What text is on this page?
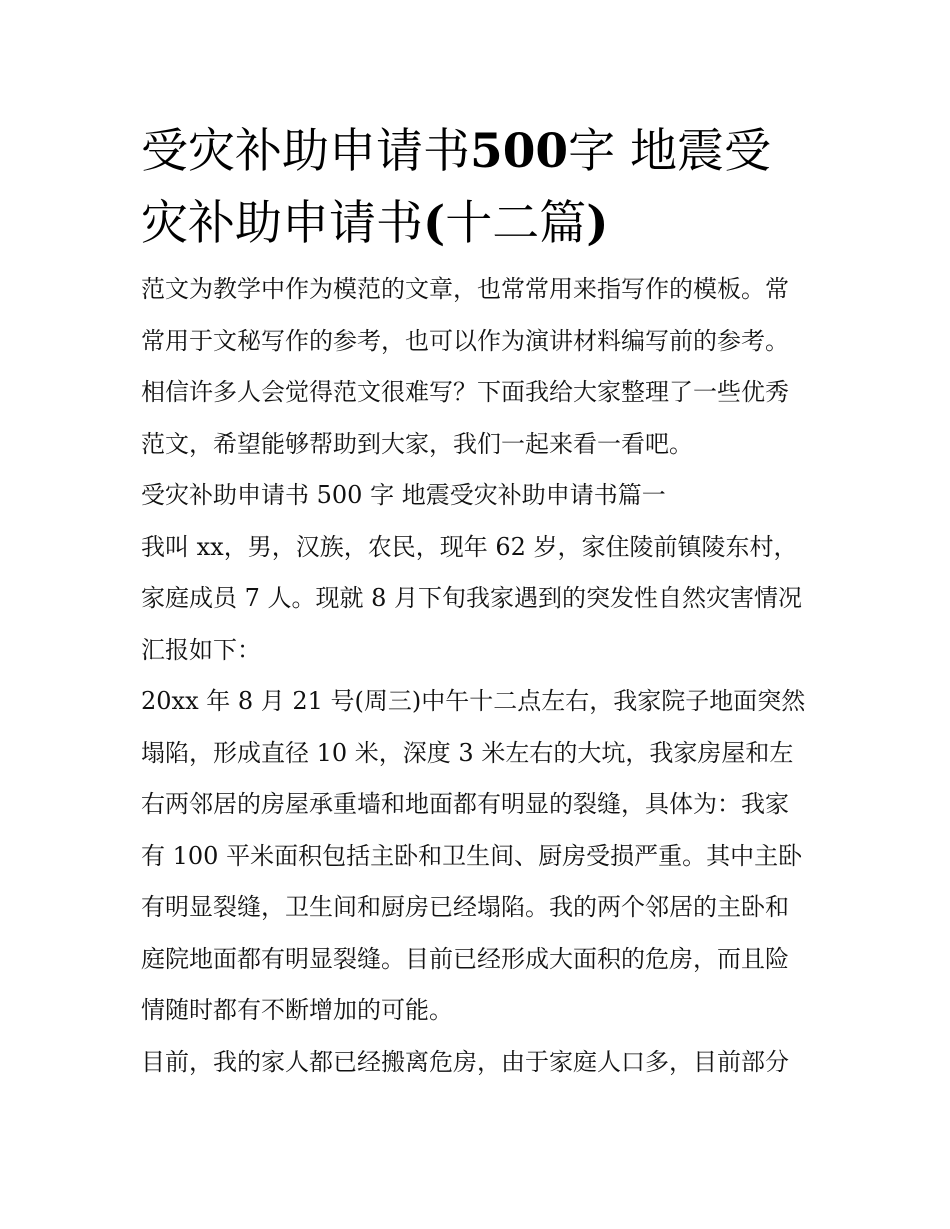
受灾补助申请书500字 地震受
灾补助申请书(十二篇)
范文为教学中作为模范的文章，也常常用来指写作的模板。常
常用于文秘写作的参考，也可以作为演讲材料编写前的参考。
相信许多人会觉得范文很难写？下面我给大家整理了一些优秀
范文，希望能够帮助到大家，我们一起来看一看吧。
受灾补助申请书 500 字 地震受灾补助申请书篇一
我叫 xx，男，汉族，农民，现年 62 岁，家住陵前镇陵东村，
家庭成员 7 人。现就 8 月下旬我家遇到的突发性自然灾害情况
汇报如下：
20xx 年 8 月 21 号(周三)中午十二点左右，我家院子地面突然
塌陷，形成直径 10 米，深度 3 米左右的大坑，我家房屋和左
右两邻居的房屋承重墙和地面都有明显的裂缝，具体为：我家
有 100 平米面积包括主卧和卫生间、厨房受损严重。其中主卧
有明显裂缝，卫生间和厨房已经塌陷。我的两个邻居的主卧和
庭院地面都有明显裂缝。目前已经形成大面积的危房，而且险
情随时都有不断增加的可能。
目前，我的家人都已经搬离危房，由于家庭人口多，目前部分
